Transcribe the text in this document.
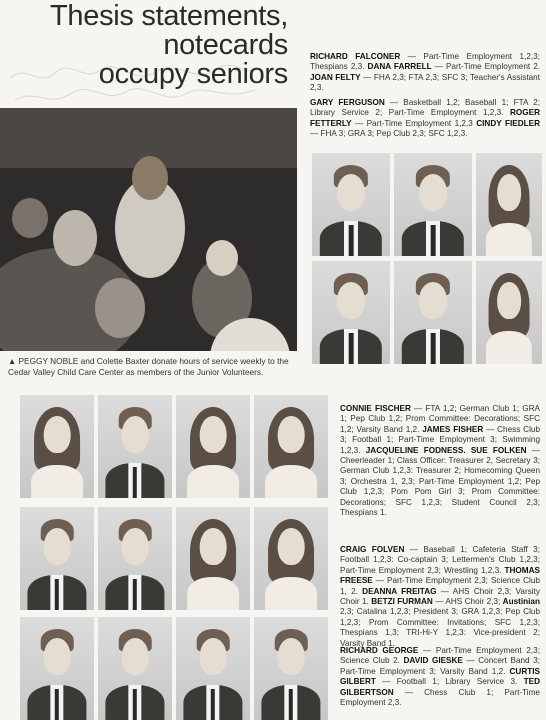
Thesis statements,
notecards
occupy seniors
▲ PEGGY NOBLE and Colette Baxter donate hours of service weekly to the Cedar Valley Child Care Center as members of the Junior Volunteers.
RICHARD FALCONER — Part-Time Employment 1,2,3; Thespians 2,3. DANA FARRELL — Part-Time Employment 2. JOAN FELTY — FHA 2,3; FTA 2,3; SFC 3; Teacher's Assistant 2,3.
GARY FERGUSON — Basketball 1,2; Baseball 1; FTA 2; Library Service 2; Part-Time Employment 1,2,3. ROGER FETTERLY — Part-Time Employment 1,2,3 CINDY FIEDLER — FHA 3; GRA 3; Pep Club 2,3; SFC 1,2,3.
CONNIE FISCHER — FTA 1,2; German Club 1; GRA 1; Pep Club 1,2; Prom Committee: Decorations; SFC 1,2; Varsity Band 1,2. JAMES FISHER — Chess Club 3; Football 1; Part-Time Employment 3; Swimming 1,2,3. JACQUELINE FODNESS. SUE FOLKEN — Cheerleader 1; Class Officer: Treasurer 2, Secretary 3; German Club 1,2,3: Treasurer 2; Homecoming Queen 3; Orchestra 1, 2,3; Part-Time Employment 1,2; Pep Club 1,2,3; Pom Pom Girl 3; Prom Committee: Decorations; SFC 1,2,3; Student Council 2,3; Thespians 1.
CRAIG FOLVEN — Baseball 1; Cafeteria Staff 3; Football 1,2,3: Co-captain 3; Lettermen's Club 1,2,3; Part-Time Employment 2,3; Wrestling 1,2,3. THOMAS FREESE — Part-Time Employment 2,3; Science Club 1, 2. DEANNA FREITAG — AHS Choir 2,3; Varsity Choir 1. BETZI FURMAN — AHS Choir 2,3; Austinian 2,3; Catalina 1,2,3; President 3; GRA 1,2,3; Pep Club 1,2,3; Prom Committee: Invitations; SFC 1,2,3; Thespians 1,3; TRI-Hi-Y 1,2,3: Vice-president 2; Varsity Band 1.
RICHARD GEORGE — Part-Time Employment 2,3; Science Club 2. DAVID GIESKE — Concert Band 3; Part-Time Employment 3; Varsity Band 1,2. CURTIS GILBERT — Football 1; Library Service 3. TED GILBERTSON — Chess Club 1; Part-Time Employment 2,3.
